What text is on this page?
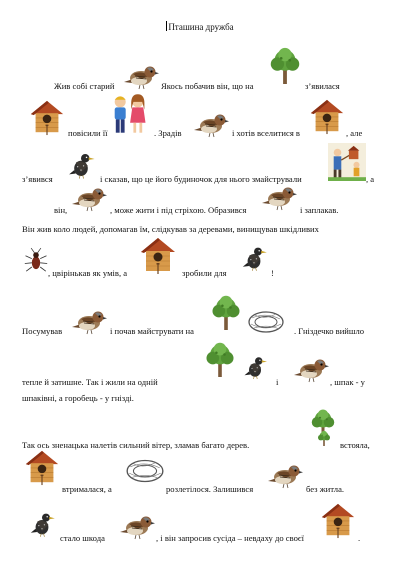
Пташина дружба
Жив собі старий	Якось побачив він, що на	з’явилася
повісили її	. Зрадів	і хотів вселитися в	, але
з’явився	і сказав, що це його будиночок для нього змайстрували	, а
він,	, може жити і під стріхою. Образився	і заплакав.
Він жив коло людей, допомагав їм, слідкував за деревами, винищував шкідливих
, цвірінькав як умів, а	зробили для	!
Посумував	і почав майструвати на	. Гніздечко вийшло
тепле й затишне. Так і жили на одній	і	, шпак - у
шпаківні, а горобець - у гнізді.
Так ось зненацька налетів сильний вітер, зламав багато дерев.	встояла,
втрималася, а	розлетілося. Залишився	без житла.
стало шкода	, і він запросив сусіда – невдаху до своєї	.
